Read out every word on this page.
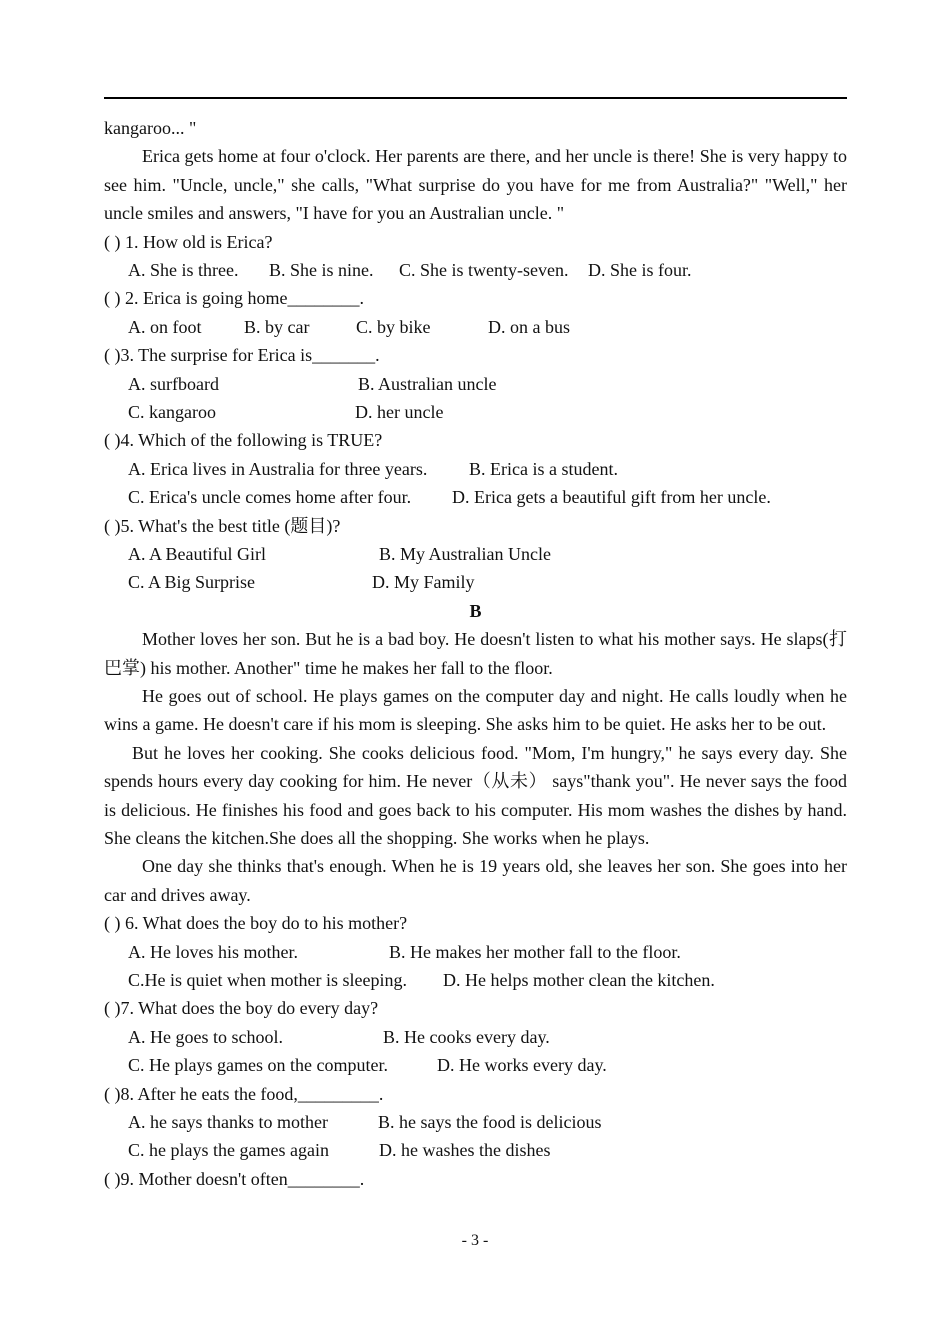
kangaroo... "
Erica gets home at four o'clock. Her parents are there, and her uncle is there! She is very happy to see him. "Uncle, uncle," she calls, "What surprise do you have for me from Australia?" "Well," her uncle smiles and answers, "I have for you an Australian uncle. "
( ) 1. How old is Erica?
A. She is three. B. She is nine. C. She is twenty-seven. D. She is four.
( ) 2. Erica is going home________.
A. on foot B. by car	C. by bike	D. on a bus
( )3. The surprise for Erica is_______.
A. surfboard	B. Australian uncle
C. kangaroo	D. her uncle
( )4. Which of the following is TRUE?
A. Erica lives in Australia for three years. B. Erica is a student.
C. Erica's uncle comes home after four. D. Erica gets a beautiful gift from her uncle.
( )5. What's the best title (题目)?
A. A Beautiful Girl	B. My Australian Uncle
C. A Big Surprise	D. My Family
B
Mother loves her son. But he is a bad boy. He doesn't listen to what his mother says. He slaps(打巴掌) his mother. Another" time he makes her fall to the floor.
He goes out of school. He plays games on the computer day and night. He calls loudly when he wins a game. He doesn't care if his mom is sleeping. She asks him to be quiet. He asks her to be out.
But he loves her cooking. She cooks delicious food. "Mom, I'm hungry," he says every day. She spends hours every day cooking for him. He never（从未） says"thank you". He never says the food is delicious. He finishes his food and goes back to his computer. His mom washes the dishes by hand. She cleans the kitchen.She does all the shopping. She works when he plays.
One day she thinks that's enough. When he is 19 years old, she leaves her son. She goes into her car and drives away.
( ) 6. What does the boy do to his mother?
A. He loves his mother.	B. He makes her mother fall to the floor.
C.He is quiet when mother is sleeping. D. He helps mother clean the kitchen.
( )7. What does the boy do every day?
A. He goes to school.	B. He cooks every day.
C. He plays games on the computer.	D. He works every day.
( )8. After he eats the food,_________.
A. he says thanks to mother	B. he says the food is delicious
C. he plays the games again	D. he washes the dishes
( )9. Mother doesn't often________.
- 3 -
